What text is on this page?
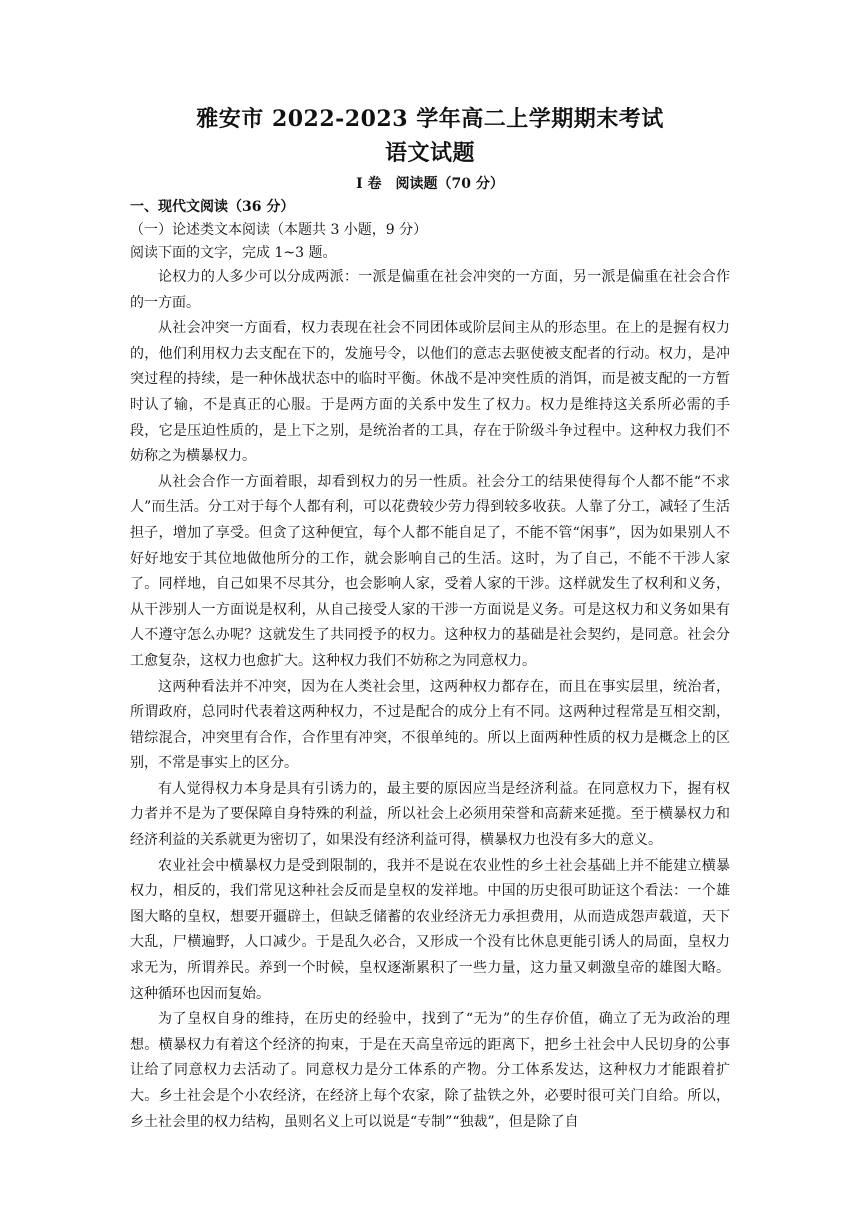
雅安市 2022-2023 学年高二上学期期末考试
语文试题
I 卷　阅读题（70 分）
一、现代文阅读（36 分）
（一）论述类文本阅读（本题共 3 小题，9 分）
阅读下面的文字，完成 1~3 题。

论权力的人多少可以分成两派：一派是偏重在社会冲突的一方面，另一派是偏重在社会合作的一方面。

从社会冲突一方面看，权力表现在社会不同团体或阶层间主从的形态里。在上的是握有权力的，他们利用权力去支配在下的，发施号令，以他们的意志去驱使被支配者的行动。权力，是冲突过程的持续，是一种休战状态中的临时平衡。休战不是冲突性质的消饵，而是被支配的一方暂时认了输，不是真正的心服。于是两方面的关系中发生了权力。权力是维持这关系所必需的手段，它是压迫性质的，是上下之别，是统治者的工具，存在于阶级斗争过程中。这种权力我们不妨称之为横暴权力。

从社会合作一方面着眼，却看到权力的另一性质。社会分工的结果使得每个人都不能“不求人”而生活。分工对于每个人都有利，可以花费较少劳力得到较多收获。人靠了分工，减轻了生活担子，增加了享受。但贪了这种便宜，每个人都不能自足了，不能不管“闲事”，因为如果别人不好好地安于其位地做他所分的工作，就会影响自己的生活。这时，为了自己，不能不干涉人家了。同样地，自己如果不尽其分，也会影响人家，受着人家的干涉。这样就发生了权利和义务，从干涉别人一方面说是权利，从自己接受人家的干涉一方面说是义务。可是这权力和义务如果有人不遵守怎么办呢？这就发生了共同授予的权力。这种权力的基础是社会契约，是同意。社会分工愈复杂，这权力也愈扩大。这种权力我们不妨称之为同意权力。

这两种看法并不冲突，因为在人类社会里，这两种权力都存在，而且在事实层里，统治者，所谓政府，总同时代表着这两种权力，不过是配合的成分上有不同。这两种过程常是互相交割，错综混合，冲突里有合作，合作里有冲突，不很单纯的。所以上面两种性质的权力是概念上的区别，不常是事实上的区分。

有人觉得权力本身是具有引诱力的，最主要的原因应当是经济利益。在同意权力下，握有权力者并不是为了要保障自身特殊的利益，所以社会上必须用荣誉和高薪来延揽。至于横暴权力和经济利益的关系就更为密切了，如果没有经济利益可得，横暴权力也没有多大的意义。

农业社会中横暴权力是受到限制的，我并不是说在农业性的乡土社会基础上并不能建立横暴权力，相反的，我们常见这种社会反而是皇权的发祥地。中国的历史很可助证这个看法：一个雄图大略的皇权，想要开疆辟土，但缺乏储蓄的农业经济无力承担费用，从而造成怨声载道，天下大乱，尸横遍野，人口减少。于是乱久必合，又形成一个没有比休息更能引诱人的局面，皇权力求无为，所谓养民。养到一个时候，皇权逐渐累积了一些力量，这力量又刺激皇帝的雄图大略。这种循环也因而复始。

为了皇权自身的维持，在历史的经验中，找到了“无为”的生存价值，确立了无为政治的理想。横暴权力有着这个经济的拘束，于是在天高皇帝远的距离下，把乡土社会中人民切身的公事让给了同意权力去活动了。同意权力是分工体系的产物。分工体系发达，这种权力才能跟着扩大。乡土社会是个小农经济，在经济上每个农家，除了盐铁之外，必要时很可关门自给。所以，乡土社会里的权力结构，虽则名义上可以说是“专制”“独裁”，但是除了自
